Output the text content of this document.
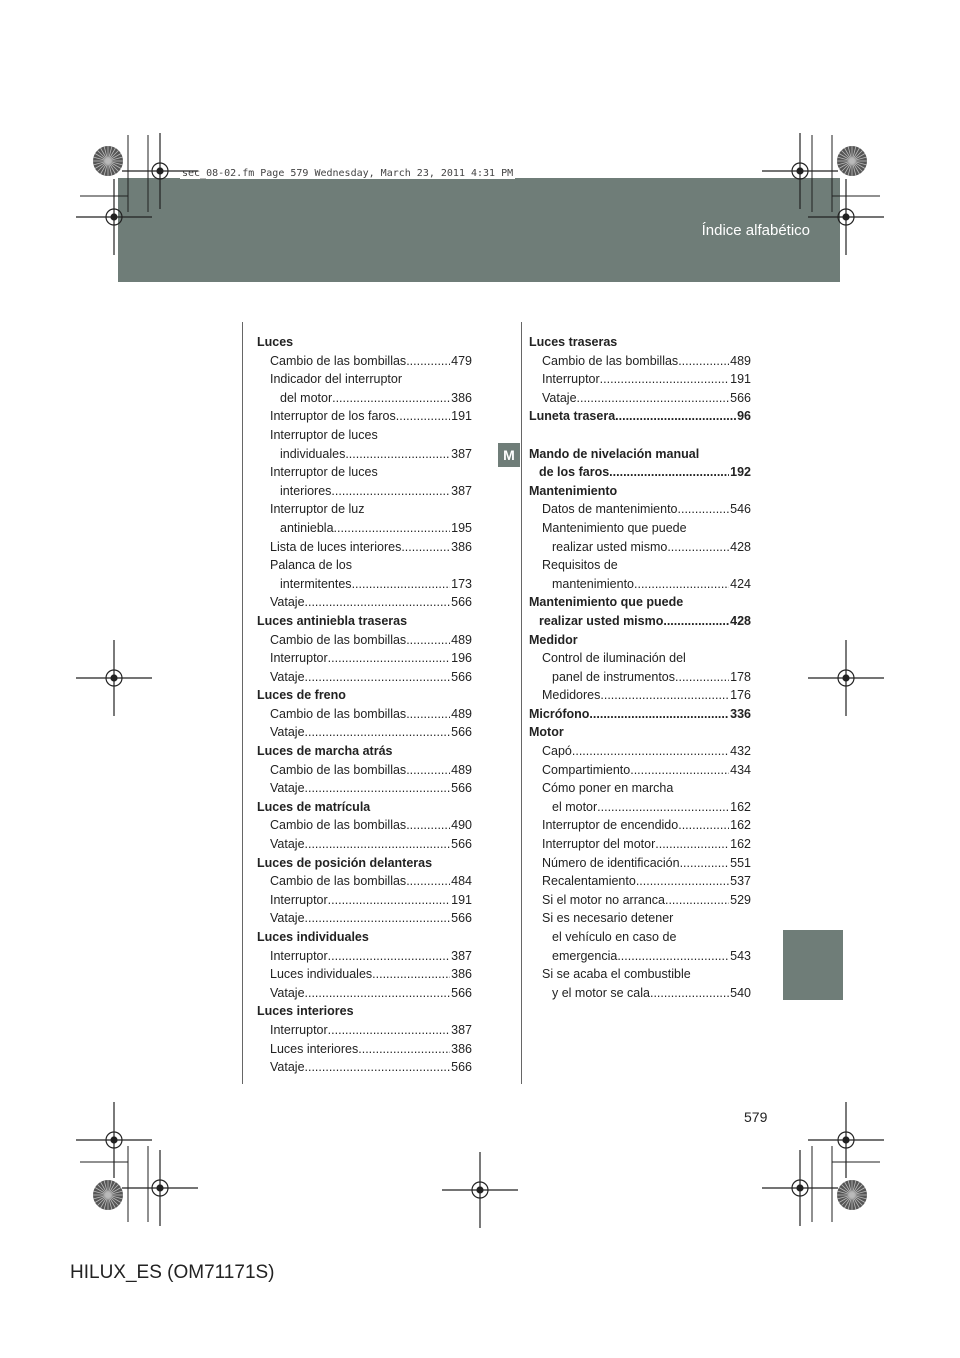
Índice alfabético
sec_08-02.fm Page 579 Wednesday, March 23, 2011 4:31 PM
M
Luces
Cambio de las bombillas .....	479
Indicador del interruptor
del motor .....	386
Interruptor de los faros .....	191
Interruptor de luces
individuales .....	387
Interruptor de luces
interiores .....	387
Interruptor de luz
antiniebla .....	195
Lista de luces interiores .....	386
Palanca de los
intermitentes .....	173
Vataje .....	566
Luces antiniebla traseras
Cambio de las bombillas .....	489
Interruptor .....	196
Vataje .....	566
Luces de freno
Cambio de las bombillas .....	489
Vataje .....	566
Luces de marcha atrás
Cambio de las bombillas .....	489
Vataje .....	566
Luces de matrícula
Cambio de las bombillas .....	490
Vataje .....	566
Luces de posición delanteras
Cambio de las bombillas .....	484
Interruptor .....	191
Vataje .....	566
Luces individuales
Interruptor .....	387
Luces individuales .....	386
Vataje .....	566
Luces interiores
Interruptor .....	387
Luces interiores .....	386
Vataje .....	566
Luces traseras
Cambio de las bombillas .....	489
Interruptor .....	191
Vataje .....	566
Luneta trasera .....	96
Mando de nivelación manual
de los faros .....	192
Mantenimiento
Datos de mantenimiento .....	546
Mantenimiento que puede
realizar usted mismo .....	428
Requisitos de
mantenimiento .....	424
Mantenimiento que puede
realizar usted mismo .....	428
Medidor
Control de iluminación del
panel de instrumentos .....	178
Medidores .....	176
Micrófono .....	336
Motor
Capó .....	432
Compartimiento .....	434
Cómo poner en marcha
el motor .....	162
Interruptor de encendido .....	162
Interruptor del motor .....	162
Número de identificación .....	551
Recalentamiento .....	537
Si el motor no arranca .....	529
Si es necesario detener
el vehículo en caso de
emergencia .....	543
Si se acaba el combustible
y el motor se cala .....	540
579
HILUX_ES (OM71171S)
